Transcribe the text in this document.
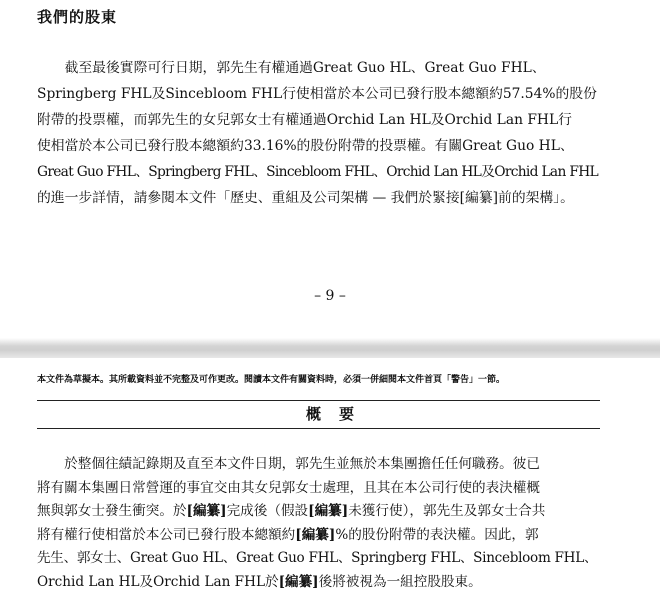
我們的股東
　　截至最後實際可行日期，郭先生有權通過Great Guo HL、Great Guo FHL、
Springberg FHL及Sincebloom FHL行使相當於本公司已發行股本總額約57.54%的股份
附帶的投票權，而郭先生的女兒郭女士有權通過Orchid Lan HL及Orchid Lan FHL行
使相當於本公司已發行股本總額約33.16%的股份附帶的投票權。有關Great Guo HL、
Great Guo FHL、Springberg FHL、Sincebloom FHL、Orchid Lan HL及Orchid Lan FHL
的進一步詳情，請參閱本文件「歷史、重組及公司架構 — 我們於緊接[編纂]前的架構」。
– 9 –
本文件為草擬本。其所載資料並不完整及可作更改。閱讀本文件有關資料時，必須一併細閱本文件首頁「警告」一節。
概要
　　於整個往績記錄期及直至本文件日期，郭先生並無於本集團擔任任何職務。彼已
將有關本集團日常營運的事宜交由其女兒郭女士處理，且其在本公司行使的表決權概
無與郭女士發生衝突。於[編纂]完成後（假設[編纂]未獲行使），郭先生及郭女士合共
將有權行使相當於本公司已發行股本總額約[編纂]%的股份附帶的表決權。因此，郭
先生、郭女士、Great Guo HL、Great Guo FHL、Springberg FHL、Sincebloom FHL、
Orchid Lan HL及Orchid Lan FHL於[編纂]後將被視為一組控股股東。
